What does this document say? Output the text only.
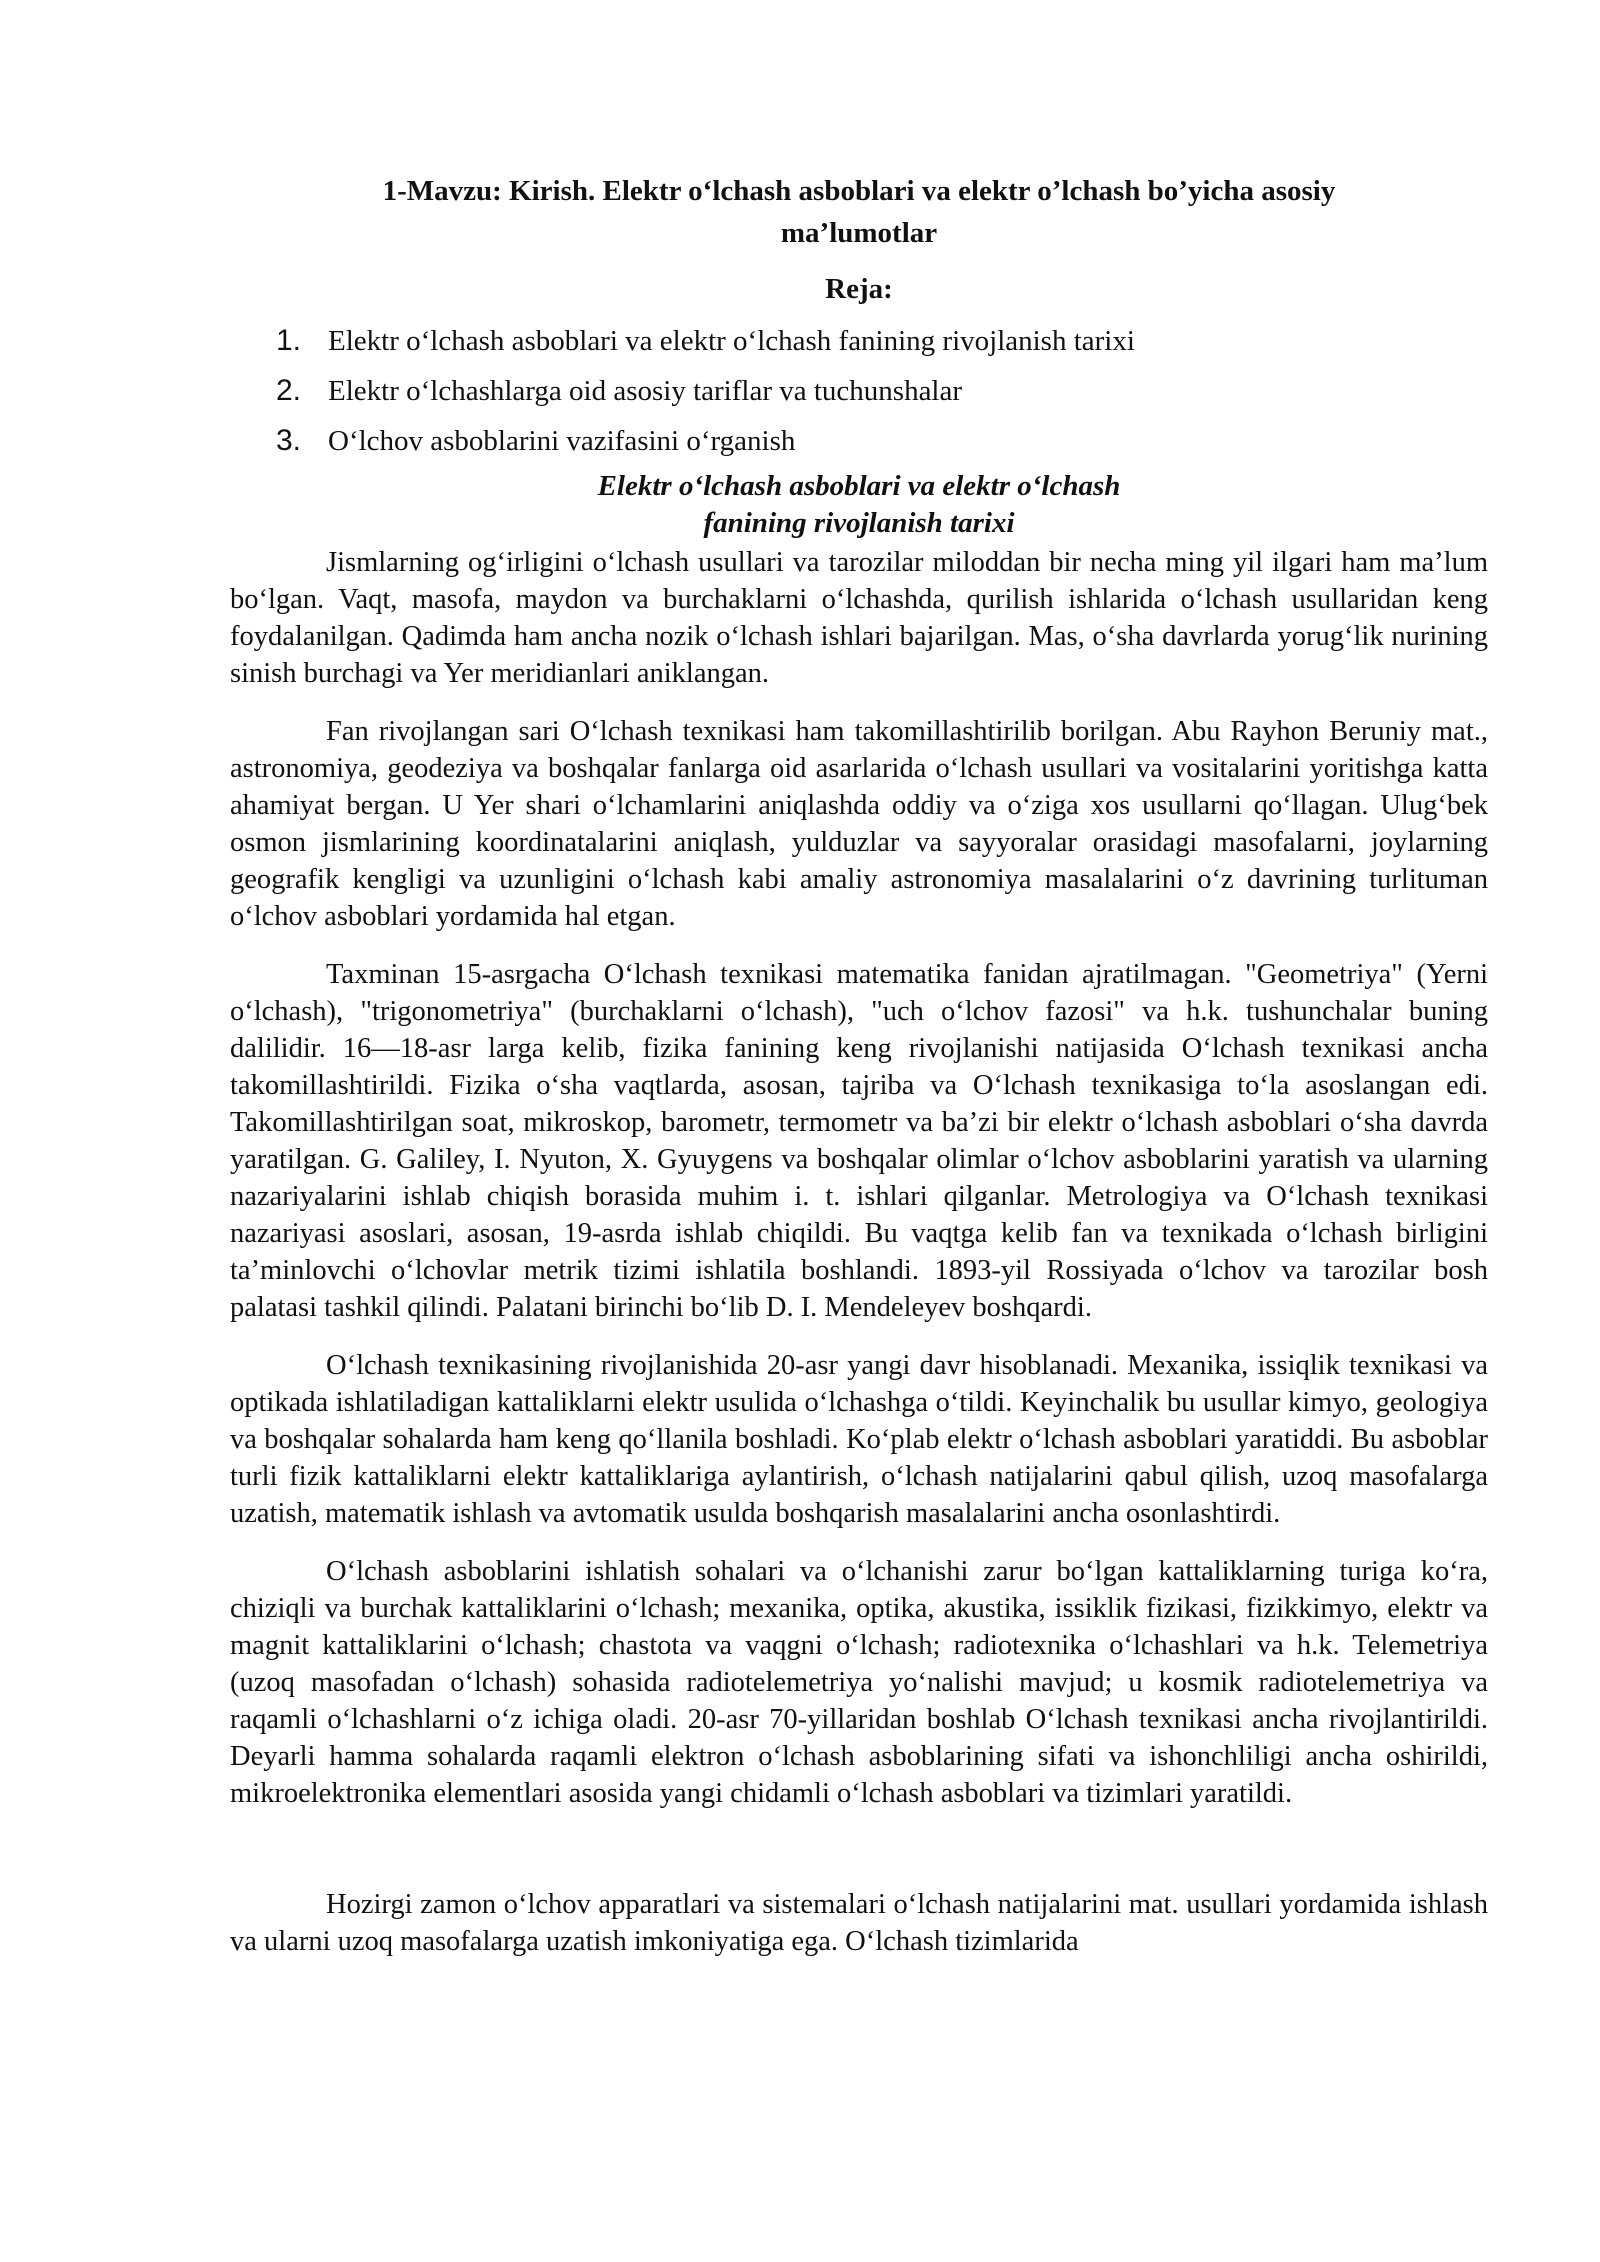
1-Mavzu: Kirish. Elektr o‘lchash asboblari va elektr o’lchash bo’yicha asosiy
ma’lumotlar
Reja:
1. Elektr o‘lchash asboblari va elektr o‘lchash fanining rivojlanish tarixi
2. Elektr o‘lchashlarga oid asosiy tariflar va tuchunshalar
3. O‘lchov asboblarini vazifasini o‘rganish
Elektr o‘lchash asboblari va elektr o‘lchash
fanining rivojlanish tarixi

Jismlarning og‘irligini o‘lchash usullari va tarozilar miloddan bir necha ming yil ilgari ham ma’lum bo‘lgan. Vaqt, masofa, maydon va burchaklarni o‘lchashda, qurilish ishlarida o‘lchash usullaridan keng foydalanilgan. Qadimda ham ancha nozik o‘lchash ishlari bajarilgan. Mas, o‘sha davrlarda yorug‘lik nurining sinish burchagi va Yer meridianlari aniklangan.

Fan rivojlangan sari O‘lchash texnikasi ham takomillashtirilib borilgan. Abu Rayhon Beruniy mat., astronomiya, geodeziya va boshqalar fanlarga oid asarlarida o‘lchash usullari va vositalarini yoritishga katta ahamiyat bergan. U Yer shari o‘lchamlarini aniqlashda oddiy va o‘ziga xos usullarni qo‘llagan. Ulug‘bek osmon jismlarining koordinatalarini aniqlash, yulduzlar va sayyoralar orasidagi masofalarni, joylarning geografik kengligi va uzunligini o‘lchash kabi amaliy astronomiya masalalarini o‘z davrining turlituman o‘lchov asboblari yordamida hal etgan.

Taxminan 15-asrgacha O‘lchash texnikasi matematika fanidan ajratilmagan. "Geometriya" (Yerni o‘lchash), "trigonometriya" (burchaklarni o‘lchash), "uch o‘lchov fazosi" va h.k. tushunchalar buning dalilidir. 16—18-asr larga kelib, fizika fanining keng rivojlanishi natijasida O‘lchash texnikasi ancha takomillashtirildi. Fizika o‘sha vaqtlarda, asosan, tajriba va O‘lchash texnikasiga to‘la asoslangan edi. Takomillashtirilgan soat, mikroskop, barometr, termometr va ba’zi bir elektr o‘lchash asboblari o‘sha davrda yaratilgan. G. Galiley, I. Nyuton, X. Gyuygens va boshqalar olimlar o‘lchov asboblarini yaratish va ularning nazariyalarini ishlab chiqish borasida muhim i. t. ishlari qilganlar. Metrologiya va O‘lchash texnikasi nazariyasi asoslari, asosan, 19-asrda ishlab chiqildi. Bu vaqtga kelib fan va texnikada o‘lchash birligini ta’minlovchi o‘lchovlar metrik tizimi ishlatila boshlandi. 1893-yil Rossiyada o‘lchov va tarozilar bosh palatasi tashkil qilindi. Palatani birinchi bo‘lib D. I. Mendeleyev boshqardi.

O‘lchash texnikasining rivojlanishida 20-asr yangi davr hisoblanadi. Mexanika, issiqlik texnikasi va optikada ishlatiladigan kattaliklarni elektr usulida o‘lchashga o‘tildi. Keyinchalik bu usullar kimyo, geologiya va boshqalar sohalarda ham keng qo‘llanila boshladi. Ko‘plab elektr o‘lchash asboblari yaratiddi. Bu asboblar turli fizik kattaliklarni elektr kattaliklariga aylantirish, o‘lchash natijalarini qabul qilish, uzoq masofalarga uzatish, matematik ishlash va avtomatik usulda boshqarish masalalarini ancha osonlashtirdi.

O‘lchash asboblarini ishlatish sohalari va o‘lchanishi zarur bo‘lgan kattaliklarning turiga ko‘ra, chiziqli va burchak kattaliklarini o‘lchash; mexanika, optika, akustika, issiklik fizikasi, fizikkimyo, elektr va magnit kattaliklarini o‘lchash; chastota va vaqgni o‘lchash; radiotexnika o‘lchashlari va h.k. Telemetriya (uzoq masofadan o‘lchash) sohasida radiotelemetriya yo‘nalishi mavjud; u kosmik radiotelemetriya va raqamli o‘lchashlarni o‘z ichiga oladi. 20-asr 70-yillaridan boshlab O‘lchash texnikasi ancha rivojlantirildi. Deyarli hamma sohalarda raqamli elektron o‘lchash asboblarining sifati va ishonchliligi ancha oshirildi, mikroelektronika elementlari asosida yangi chidamli o‘lchash asboblari va tizimlari yaratildi.

Hozirgi zamon o‘lchov apparatlari va sistemalari o‘lchash natijalarini mat. usullari yordamida ishlash va ularni uzoq masofalarga uzatish imkoniyatiga ega. O‘lchash tizimlarida
